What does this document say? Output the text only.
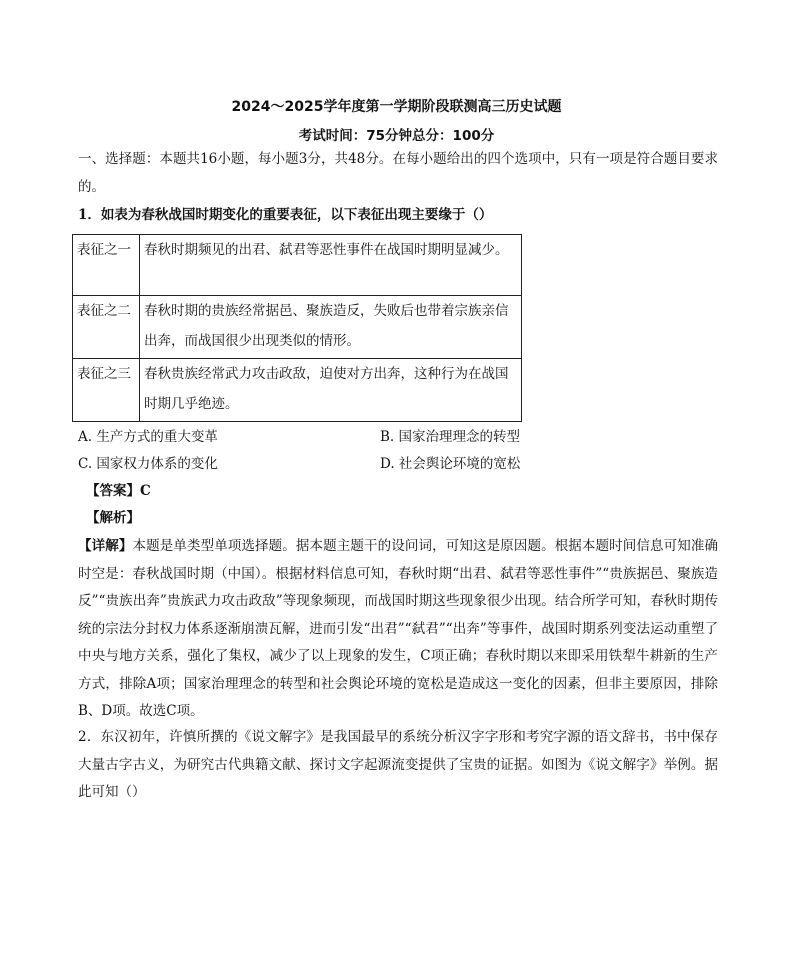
2024～2025学年度第一学期阶段联测高三历史试题
考试时间：75分钟总分：100分

一、选择题：本题共16小题，每小题3分，共48分。在每小题给出的四个选项中，只有一项是符合题目要求的。

1．如表为春秋战国时期变化的重要表征，以下表征出现主要缘于（）

表征之一	春秋时期频见的出君、弑君等恶性事件在战国时期明显减少。
表征之二	春秋时期的贵族经常据邑、聚族造反，失败后也带着宗族亲信出奔，而战国很少出现类似的情形。
表征之三	春秋贵族经常武力攻击政敌，迫使对方出奔，这种行为在战国时期几乎绝迹。
A. 生产方式的重大变革	B. 国家治理理念的转型
C. 国家权力体系的变化	D. 社会舆论环境的宽松
【答案】C
【解析】

【详解】本题是单类型单项选择题。据本题主题干的设问词，可知这是原因题。根据本题时间信息可知准确时空是：春秋战国时期（中国）。根据材料信息可知，春秋时期“出君、弑君等恶性事件”“贵族据邑、聚族造反”“贵族出奔”贵族武力攻击政敌”等现象频现，而战国时期这些现象很少出现。结合所学可知，春秋时期传统的宗法分封权力体系逐渐崩溃瓦解，进而引发“出君”“弑君”“出奔”等事件，战国时期系列变法运动重塑了中央与地方关系，强化了集权，减少了以上现象的发生，C项正确；春秋时期以来即采用铁犁牛耕新的生产方式，排除A项；国家治理理念的转型和社会舆论环境的宽松是造成这一变化的因素，但非主要原因，排除B、D项。故选C项。

2．东汉初年，许慎所撰的《说文解字》是我国最早的系统分析汉字字形和考究字源的语文辞书，书中保存大量古字古义，为研究古代典籍文献、探讨文字起源流变提供了宝贵的证据。如图为《说文解字》举例。据此可知（）
